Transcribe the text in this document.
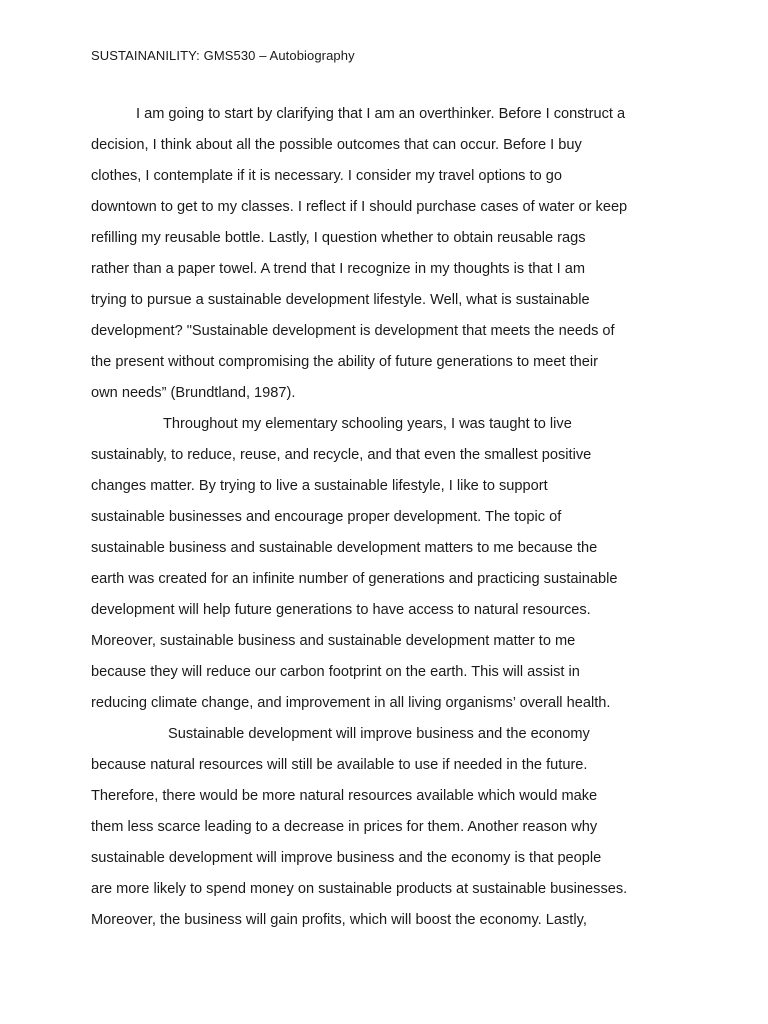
SUSTAINANILITY: GMS530 – Autobiography
I am going to start by clarifying that I am an overthinker. Before I construct a
decision, I think about all the possible outcomes that can occur. Before I buy
clothes, I contemplate if it is necessary. I consider my travel options to go
downtown to get to my classes. I reflect if I should purchase cases of water or keep
refilling my reusable bottle. Lastly, I question whether to obtain reusable rags
rather than a paper towel. A trend that I recognize in my thoughts is that I am
trying to pursue a sustainable development lifestyle. Well, what is sustainable
development? "Sustainable development is development that meets the needs of
the present without compromising the ability of future generations to meet their
own needs” (Brundtland, 1987).
Throughout my elementary schooling years, I was taught to live
sustainably, to reduce, reuse, and recycle, and that even the smallest positive
changes matter. By trying to live a sustainable lifestyle, I like to support
sustainable businesses and encourage proper development. The topic of
sustainable business and sustainable development matters to me because the
earth was created for an infinite number of generations and practicing sustainable
development will help future generations to have access to natural resources.
Moreover, sustainable business and sustainable development matter to me
because they will reduce our carbon footprint on the earth. This will assist in
reducing climate change, and improvement in all living organisms’ overall health.
Sustainable development will improve business and the economy
because natural resources will still be available to use if needed in the future.
Therefore, there would be more natural resources available which would make
them less scarce leading to a decrease in prices for them. Another reason why
sustainable development will improve business and the economy is that people
are more likely to spend money on sustainable products at sustainable businesses.
Moreover, the business will gain profits, which will boost the economy. Lastly,
